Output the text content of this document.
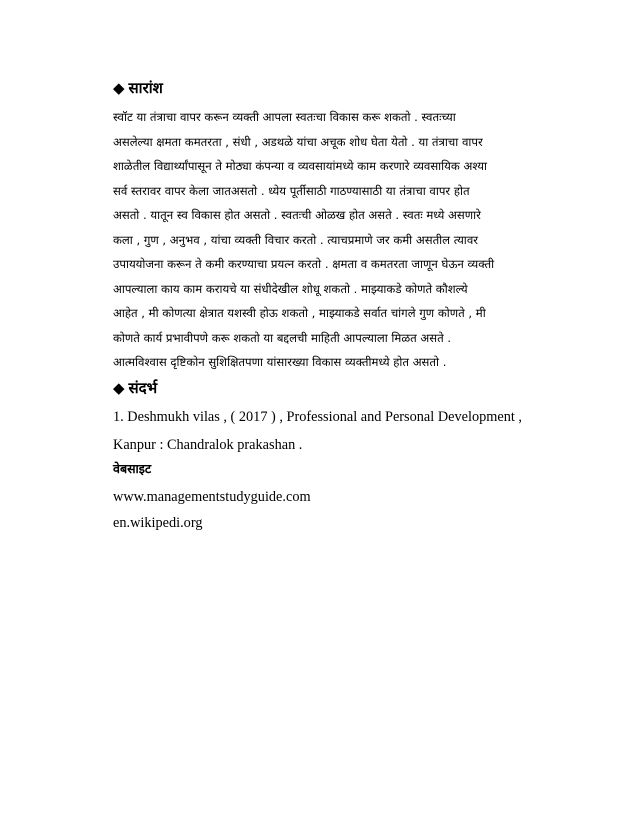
◆ सारांश
स्वॉट या तंत्राचा वापर करून व्यक्ती आपला स्वतःचा विकास करू शकतो . स्वतःच्या
असलेल्या क्षमता कमतरता , संधी , अडथळे यांचा अचूक शोध घेता येतो . या तंत्राचा वापर
शाळेतील विद्यार्थ्यांपासून ते मोठ्या कंपन्या व व्यवसायांमध्ये काम करणारे व्यवसायिक अश्या
सर्व स्तरावर वापर केला जातअसतो . ध्येय पूर्तीसाठी गाठण्यासाठी या तंत्राचा वापर होत
असतो . यातून स्व विकास होत असतो . स्वतःची ओळख होत असते . स्वतः मध्ये असणारे
कला , गुण , अनुभव , यांचा व्यक्ती विचार करतो . त्याचप्रमाणे जर कमी असतील त्यावर
उपाययोजना करून ते कमी करण्याचा प्रयत्न करतो . क्षमता व कमतरता जाणून घेऊन व्यक्ती
आपल्याला काय काम करायचे या संधीदेखील शोधू शकतो . माझ्याकडे कोणते कौशल्ये
आहेत , मी कोणत्या क्षेत्रात यशस्वी होऊ शकतो , माझ्याकडे सर्वात चांगले गुण कोणते , मी
कोणते कार्य प्रभावीपणे करू शकतो या बद्दलची माहिती आपल्याला मिळत असते .
आत्मविश्वास दृष्टिकोन सुशिक्षितपणा यांसारख्या विकास व्यक्तीमध्ये होत असतो .
◆ संदर्भ
1. Deshmukh vilas , ( 2017 ) , Professional and Personal Development ,
Kanpur : Chandralok prakashan .
वेबसाइट
www.managementstudyguide.com
en.wikipedi.org
